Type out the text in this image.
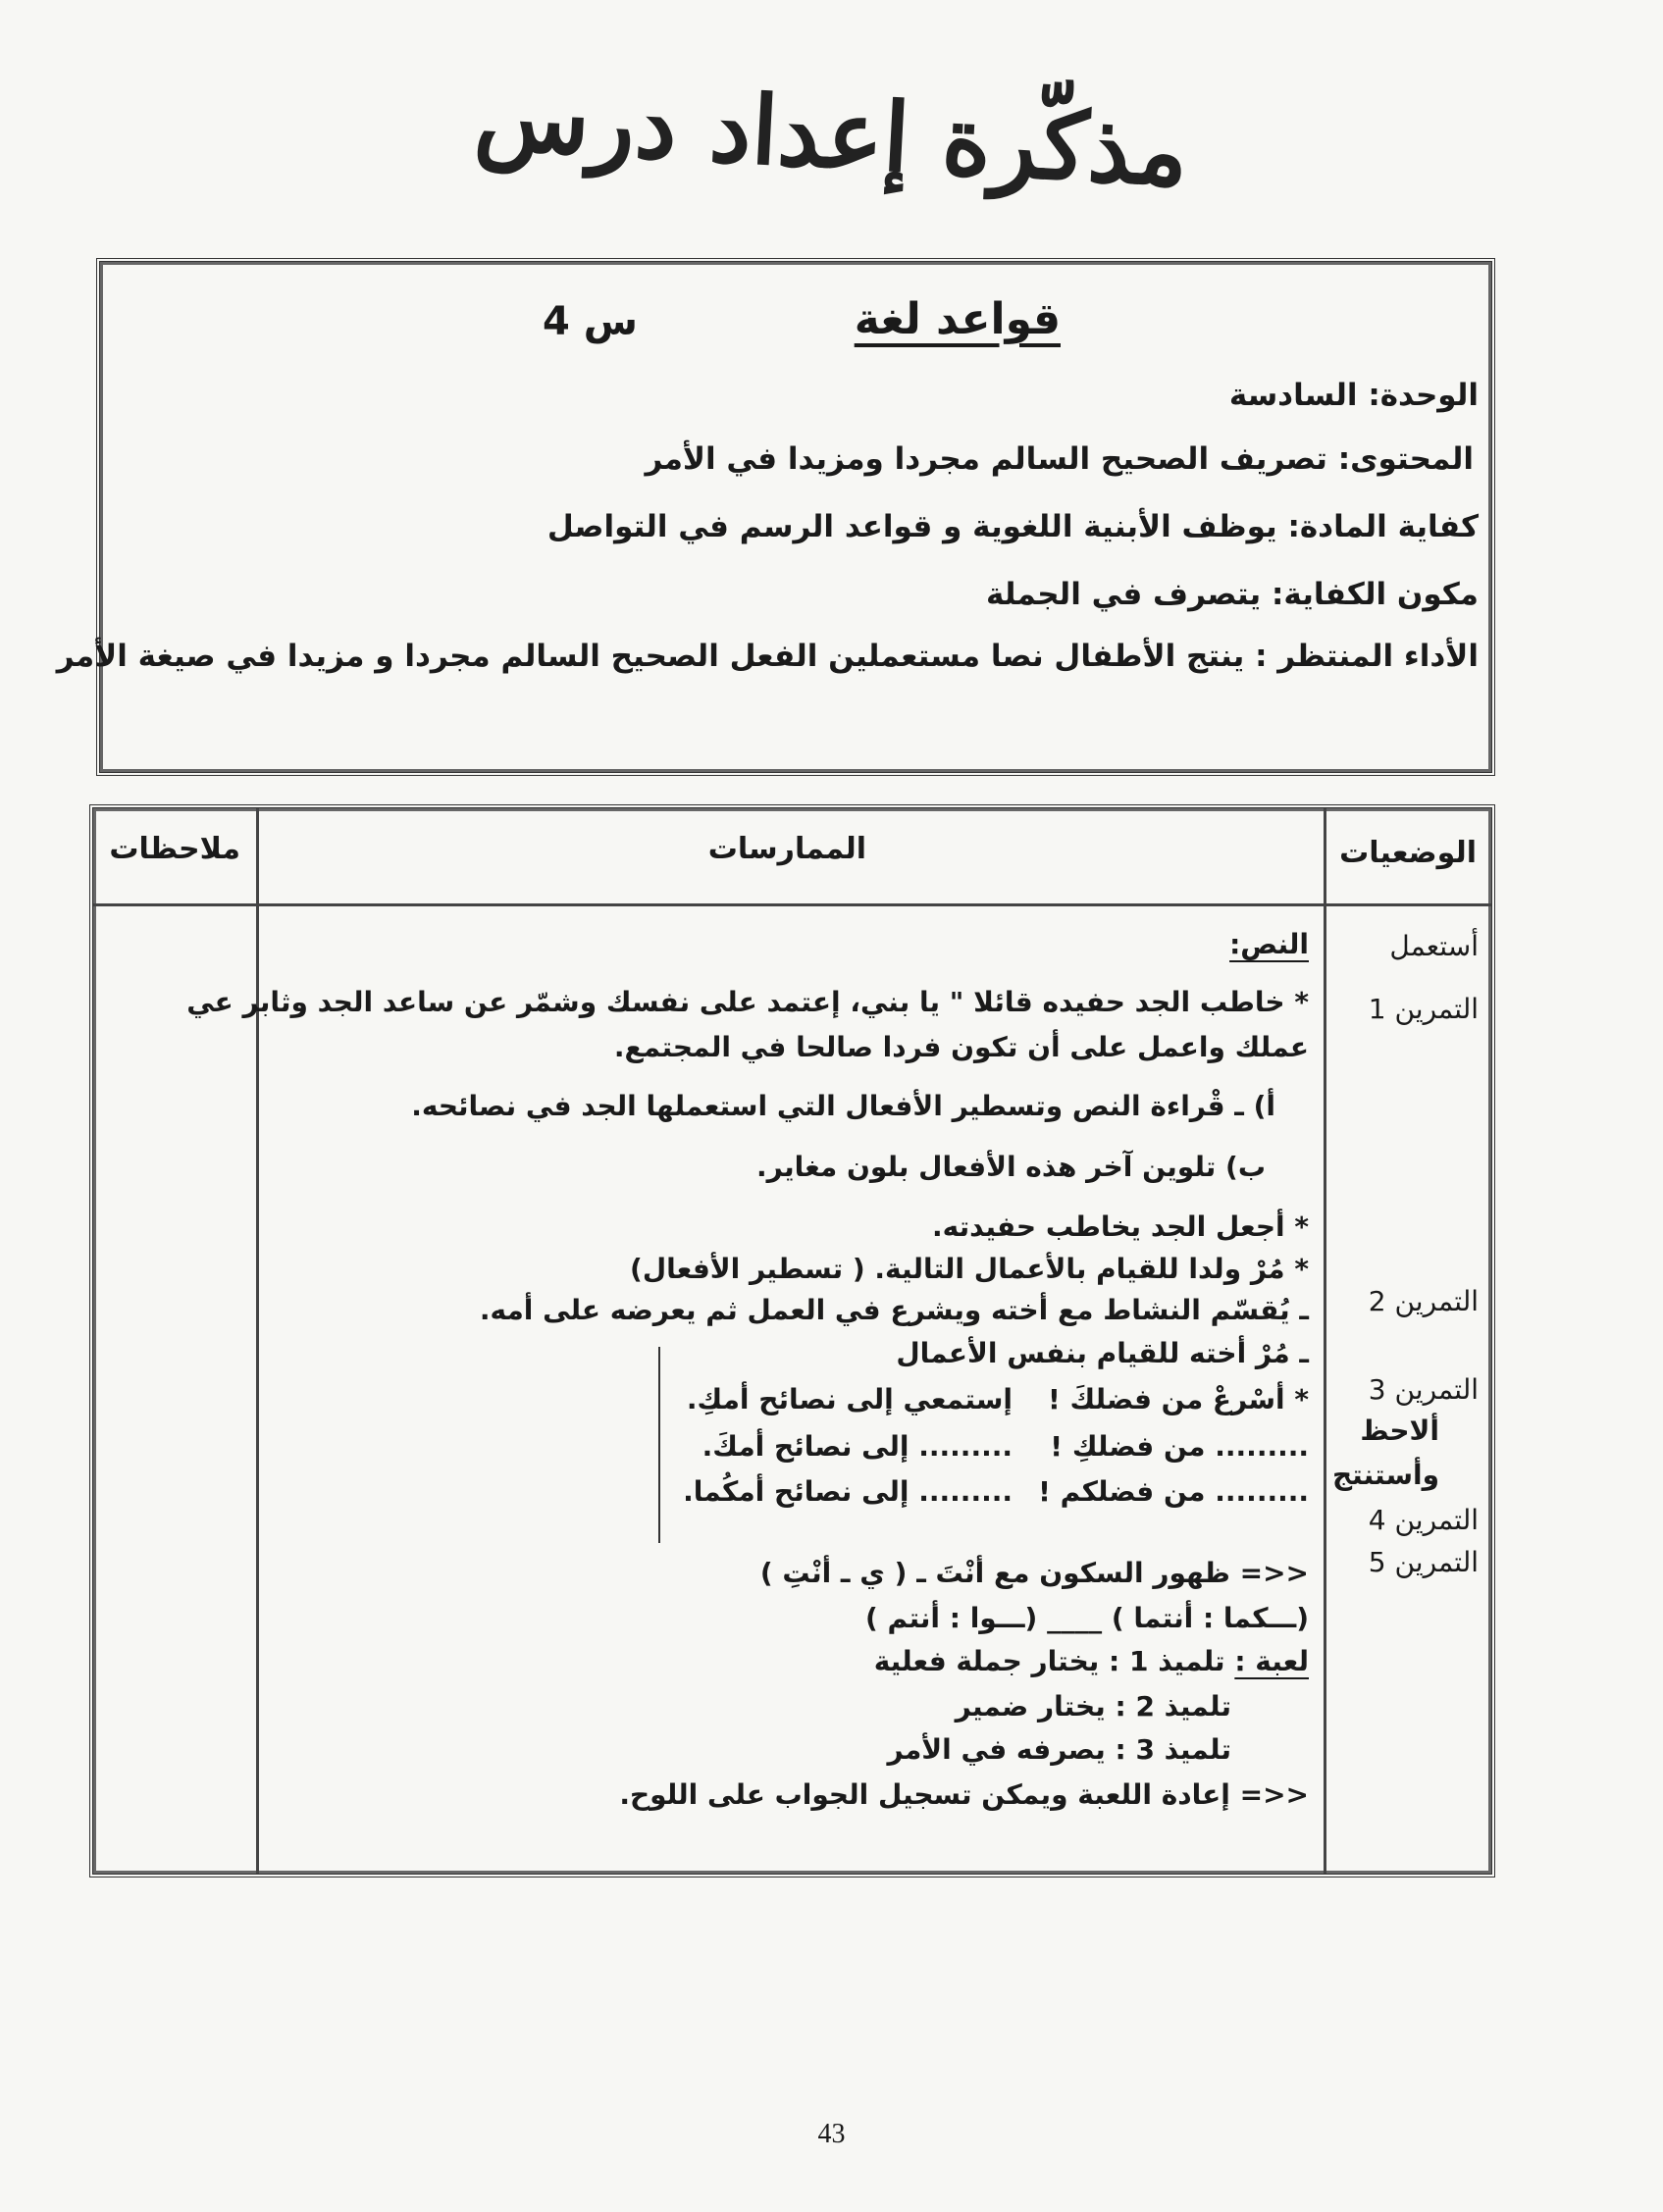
مذكّرة إعداد درس
قواعد لغة
س 4
الوحدة: السادسة
المحتوى: تصريف الصحيح السالم مجردا ومزيدا في الأمر
كفاية المادة: يوظف الأبنية اللغوية و قواعد الرسم في التواصل
مكون الكفاية: يتصرف في الجملة
الأداء المنتظر : ينتج الأطفال نصا مستعملين الفعل الصحيح السالم مجردا و مزيدا في صيغة الأمر
الوضعيات
الممارسات
ملاحظات
أستعمل
التمرين 1
التمرين 2
التمرين 3
ألاحظ
وأستنتج
التمرين 4
التمرين 5
النص:
* خاطب الجد حفيده قائلا " يا بني، إعتمد على نفسك وشمّر عن ساعد الجد وثابر عي
عملك واعمل على أن تكون فردا صالحا في المجتمع.
أ) ـ قْراءة النص وتسطير الأفعال التي استعملها الجد في نصائحه.
ب) تلوين آخر هذه الأفعال بلون مغاير.
* أجعل الجد يخاطب حفيدته.
* مُرْ ولدا للقيام بالأعمال التالية. ( تسطير الأفعال)
ـ يُقسّم النشاط مع أخته ويشرع في العمل ثم يعرضه على أمه.
ـ مُرْ أخته للقيام بنفس الأعمال
* أسْرعْ من فضلكَ !
......... من فضلكِ !
......... من فضلكم !
إستمعي إلى نصائح أمكِ.
......... إلى نصائح أمكَ.
......... إلى نصائح أمكُما.
<<= ظهور السكون مع أنْتَ ـ ( ي ـ أنْتِ )
(ـــكما : أنتما ) ____ (ـــوا : أنتم )
لعبة : تلميذ 1 : يختار جملة فعلية
تلميذ 2 : يختار ضمير
تلميذ 3 : يصرفه في الأمر
<<= إعادة اللعبة ويمكن تسجيل الجواب على اللوح.
43
